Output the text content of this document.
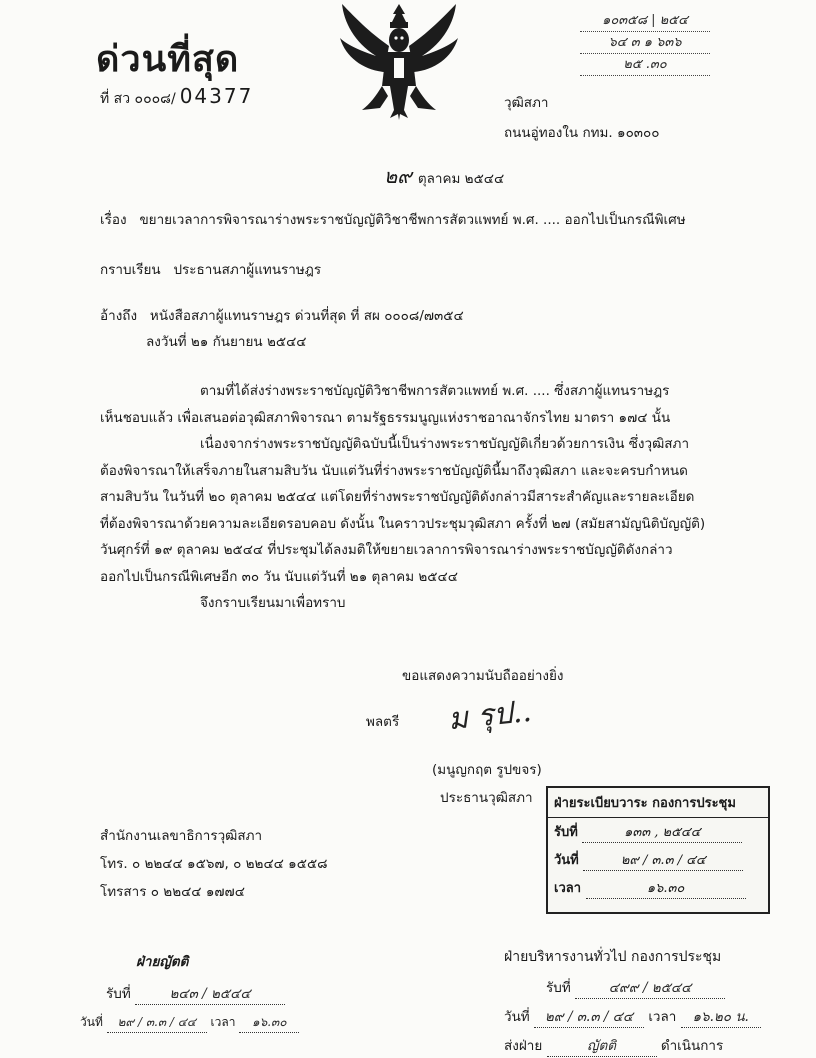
ด่วนที่สุด
ที่ สว ๐๐๐๘/ 04377
๑๐๓๕๘ | ๒๕๔
๖๔ ๓ ๑ ๖๓๖
๒๕ .๓๐
วุฒิสภา
ถนนอู่ทองใน กทม. ๑๐๓๐๐
๒๙ ตุลาคม ๒๕๔๔
เรื่อง ขยายเวลาการพิจารณาร่างพระราชบัญญัติวิชาชีพการสัตวแพทย์ พ.ศ. .... ออกไปเป็นกรณีพิเศษ
กราบเรียน ประธานสภาผู้แทนราษฎร
อ้างถึง หนังสือสภาผู้แทนราษฎร ด่วนที่สุด ที่ สผ ๐๐๐๘/๗๓๕๔
ลงวันที่ ๒๑ กันยายน ๒๕๔๔
ตามที่ได้ส่งร่างพระราชบัญญัติวิชาชีพการสัตวแพทย์ พ.ศ. .... ซึ่งสภาผู้แทนราษฎร
เห็นชอบแล้ว เพื่อเสนอต่อวุฒิสภาพิจารณา ตามรัฐธรรมนูญแห่งราชอาณาจักรไทย มาตรา ๑๗๔ นั้น
เนื่องจากร่างพระราชบัญญัติฉบับนี้เป็นร่างพระราชบัญญัติเกี่ยวด้วยการเงิน ซึ่งวุฒิสภา
ต้องพิจารณาให้เสร็จภายในสามสิบวัน นับแต่วันที่ร่างพระราชบัญญัตินี้มาถึงวุฒิสภา และจะครบกำหนด
สามสิบวัน ในวันที่ ๒๐ ตุลาคม ๒๕๔๔ แต่โดยที่ร่างพระราชบัญญัติดังกล่าวมีสาระสำคัญและรายละเอียด
ที่ต้องพิจารณาด้วยความละเอียดรอบคอบ ดังนั้น ในคราวประชุมวุฒิสภา ครั้งที่ ๒๗ (สมัยสามัญนิติบัญญัติ)
วันศุกร์ที่ ๑๙ ตุลาคม ๒๕๔๔ ที่ประชุมได้ลงมติให้ขยายเวลาการพิจารณาร่างพระราชบัญญัติดังกล่าว
ออกไปเป็นกรณีพิเศษอีก ๓๐ วัน นับแต่วันที่ ๒๑ ตุลาคม ๒๕๔๔
จึงกราบเรียนมาเพื่อทราบ
ขอแสดงความนับถืออย่างยิ่ง
พลตรี ม รุป..
(มนูญกฤต รูปขจร)
ประธานวุฒิสภา
สำนักงานเลขาธิการวุฒิสภา
โทร. ๐ ๒๒๔๔ ๑๕๖๗, ๐ ๒๒๔๔ ๑๕๕๘
โทรสาร ๐ ๒๒๔๔ ๑๗๗๔
ฝ่ายระเบียบวาระ กองการประชุม
รับที่	๑๓๓ , ๒๕๔๔
วันที่	๒๙ / ๓.๓ / ๔๔
เวลา	๑๖.๓๐
ฝ่ายญัตติ
รับที่	๒๔๓ / ๒๕๔๔
วันที่ ๒๙ / ๓.๓ / ๔๔ เวลา ๑๖.๓๐
ฝ่ายบริหารงานทั่วไป กองการประชุม
รับที่	๔๙๙ / ๒๕๔๔
วันที่ ๒๙ / ๓.๓ / ๔๔ เวลา ๑๖.๒๐ น.
ส่งฝ่าย	ญัตติ	ดำเนินการ
